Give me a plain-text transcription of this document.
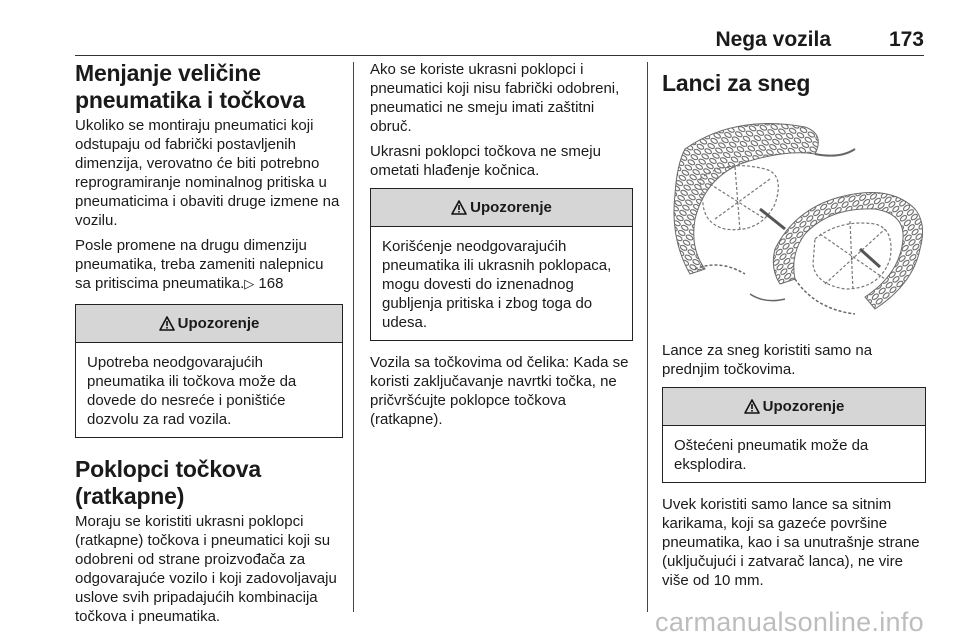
Nega vozila	173
Menjanje veličine pneumatika i točkova

Ukoliko se montiraju pneumatici koji odstupaju od fabrički postavljenih dimenzija, verovatno će biti potrebno reprogramiranje nominalnog pritiska u pneumaticima i obaviti druge izmene na vozilu.

Posle promene na drugu dimenziju pneumatika, treba zameniti nalepnicu sa pritiscima pneumatika.▷ 168

Upozorenje
Upotreba neodgovarajućih pneumatika ili točkova može da dovede do nesreće i poništiće dozvolu za rad vozila.
Poklopci točkova (ratkapne)

Moraju se koristiti ukrasni poklopci (ratkapne) točkova i pneumatici koji su odobreni od strane proizvođača za odgovarajuće vozilo i koji zadovoljavaju uslove svih pripadajućih kombinacija točkova i pneumatika.

Ako se koriste ukrasni poklopci i pneumatici koji nisu fabrički odobreni, pneumatici ne smeju imati zaštitni obruč.

Ukrasni poklopci točkova ne smeju ometati hlađenje kočnica.

Upozorenje
Korišćenje neodgovarajućih pneumatika ili ukrasnih poklopaca, mogu dovesti do iznenadnog gubljenja pritiska i zbog toga do udesa.

Vozila sa točkovima od čelika: Kada se koristi zaključavanje navrtki točka, ne pričvršćujte poklopce točkova (ratkapne).

Lanci za sneg

Lance za sneg koristiti samo na prednjim točkovima.

Upozorenje
Oštećeni pneumatik može da eksplodira.

Uvek koristiti samo lance sa sitnim karikama, koji sa gazeće površine pneumatika, kao i sa unutrašnje strane (uključujući i zatvarač lanca), ne vire više od 10 mm.

carmanualsonline.info
